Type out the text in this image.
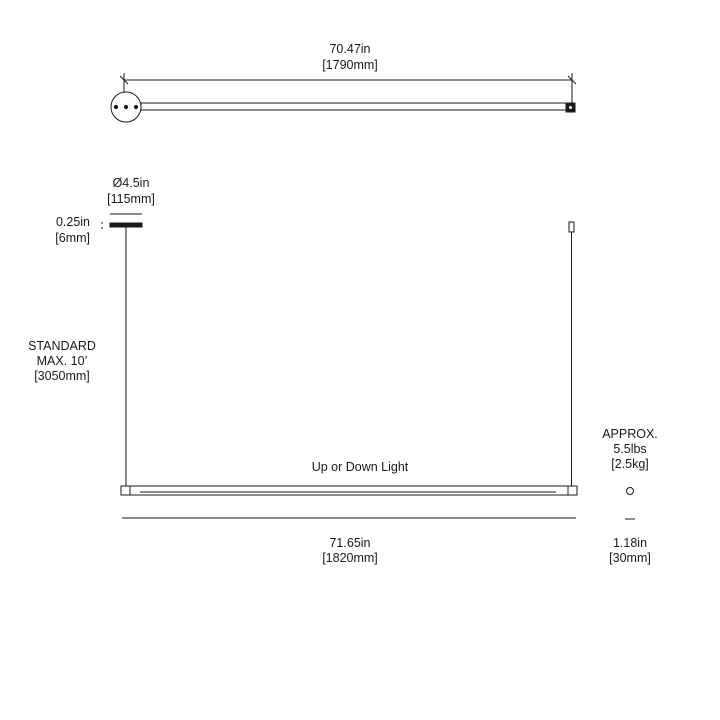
70.47in
[1790mm]
Ø4.5in
[115mm]
0.25in
[6mm]
STANDARD
MAX. 10’
[3050mm]
Up or Down Light
71.65in
[1820mm]
APPROX.
5.5lbs
[2.5kg]
1.18in
[30mm]
